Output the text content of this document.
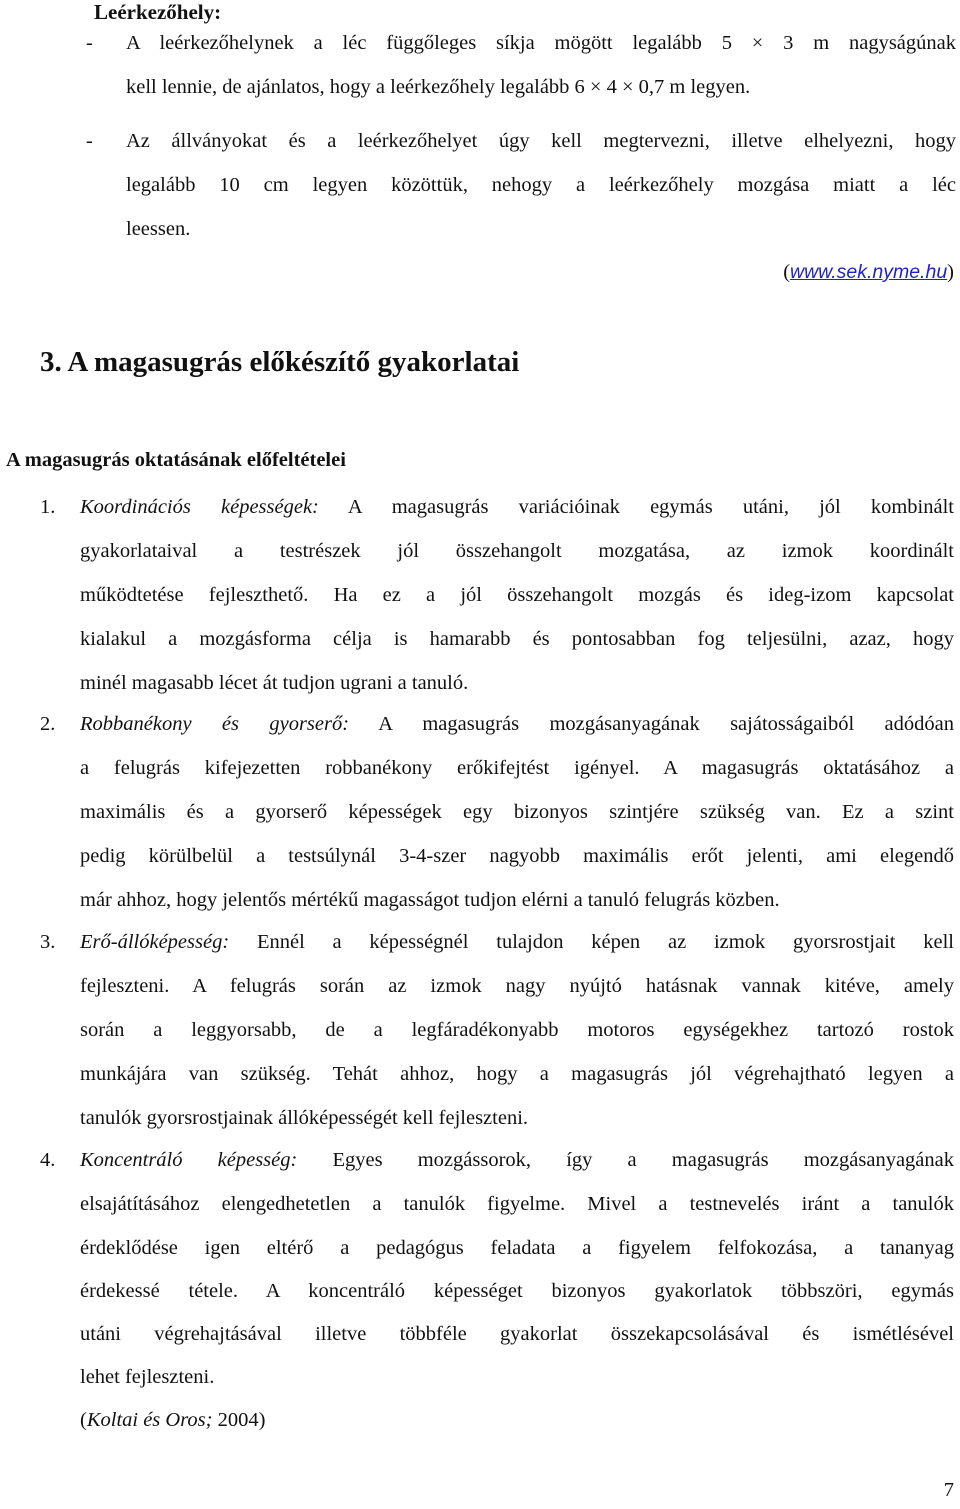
Leérkezőhely:
- A leérkezőhelynek a léc függőleges síkja mögött legalább 5 × 3 m nagyságúnak
kell lennie, de ajánlatos, hogy a leérkezőhely legalább 6 × 4 × 0,7 m legyen.
- Az állványokat és a leérkezőhelyet úgy kell megtervezni, illetve elhelyezni, hogy
legalább 10 cm legyen közöttük, nehogy a leérkezőhely mozgása miatt a léc
leessen.
(www.sek.nyme.hu)
3. A magasugrás előkészítő gyakorlatai
A magasugrás oktatásának előfeltételei
1. Koordinációs képességek: A magasugrás variációinak egymás utáni, jól kombinált
gyakorlataival a testrészek jól összehangolt mozgatása, az izmok koordinált
működtetése fejleszthető. Ha ez a jól összehangolt mozgás és ideg-izom kapcsolat
kialakul a mozgásforma célja is hamarabb és pontosabban fog teljesülni, azaz, hogy
minél magasabb lécet át tudjon ugrani a tanuló.
2. Robbanékony és gyorserő: A magasugrás mozgásanyagának sajátosságaiból adódóan
a felugrás kifejezetten robbanékony erőkifejtést igényel. A magasugrás oktatásához a
maximális és a gyorserő képességek egy bizonyos szintjére szükség van. Ez a szint
pedig körülbelül a testsúlynál 3-4-szer nagyobb maximális erőt jelenti, ami elegendő
már ahhoz, hogy jelentős mértékű magasságot tudjon elérni a tanuló felugrás közben.
3. Erő-állóképesség: Ennél a képességnél tulajdon képen az izmok gyorsrostjait kell
fejleszteni. A felugrás során az izmok nagy nyújtó hatásnak vannak kitéve, amely
során a leggyorsabb, de a legfáradékonyabb motoros egységekhez tartozó rostok
munkájára van szükség. Tehát ahhoz, hogy a magasugrás jól végrehajtható legyen a
tanulók gyorsrostjainak állóképességét kell fejleszteni.
4. Koncentráló képesség: Egyes mozgássorok, így a magasugrás mozgásanyagának
elsajátításához elengedhetetlen a tanulók figyelme. Mivel a testnevelés iránt a tanulók
érdeklődése igen eltérő a pedagógus feladata a figyelem felfokozása, a tananyag
érdekessé tétele. A koncentráló képességet bizonyos gyakorlatok többszöri, egymás
utáni végrehajtásával illetve többféle gyakorlat összekapcsolásával és ismétlésével
lehet fejleszteni.
(Koltai és Oros; 2004)
7
